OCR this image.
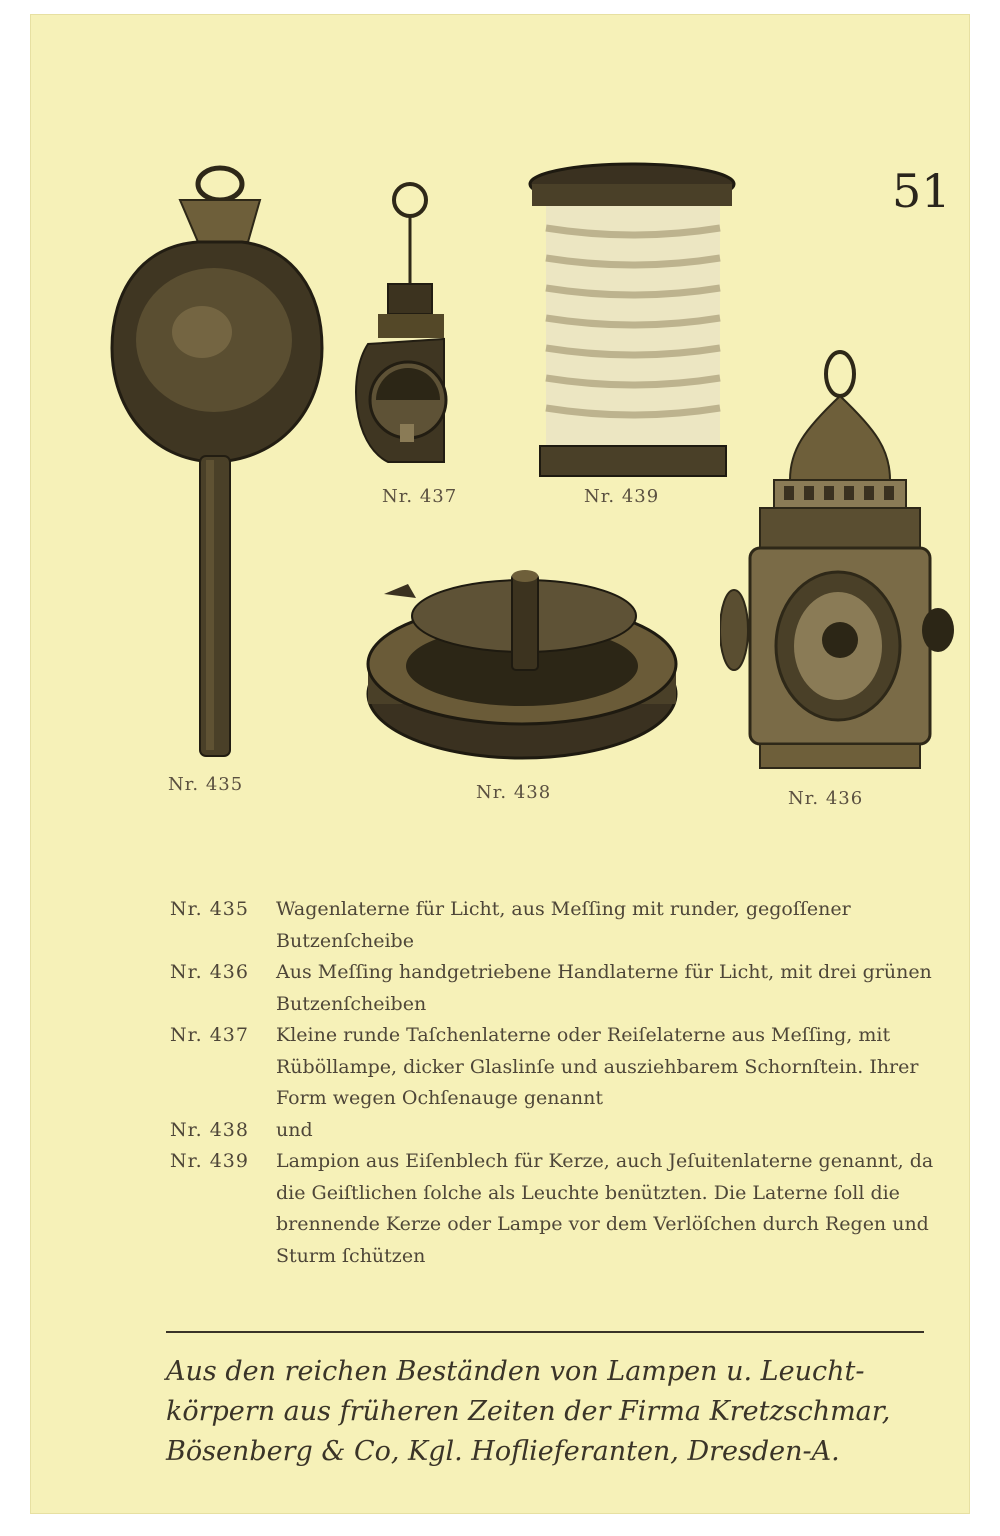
51
Nr. 435
Nr. 437	Nr. 439
Nr. 438	Nr. 436
Nr. 435	Wagenlaterne für Licht, aus Meſſing mit runder, gegoſſener Butzenſcheibe
Nr. 436	Aus Meſſing handgetriebene Handlaterne für Licht, mit drei grünen Butzenſcheiben
Nr. 437	Kleine runde Taſchenlaterne oder Reiſelaterne aus Meſſing, mit Rüböllampe, dicker Glaslinſe und ausziehbarem Schornſtein. Ihrer Form wegen Ochſenauge genannt
Nr. 438	und
Nr. 439	Lampion aus Eiſenblech für Kerze, auch Jeſuitenlaterne genannt, da die Geiſtlichen ſolche als Leuchte benützten. Die Laterne ſoll die brennende Kerze oder Lampe vor dem Verlöſchen durch Regen und Sturm ſchützen
Aus den reichen Beständen von Lampen u. Leucht-
körpern aus früheren Zeiten der Firma Kretzschmar,
Bösenberg & Co, Kgl. Hoflieferanten, Dresden-A.
